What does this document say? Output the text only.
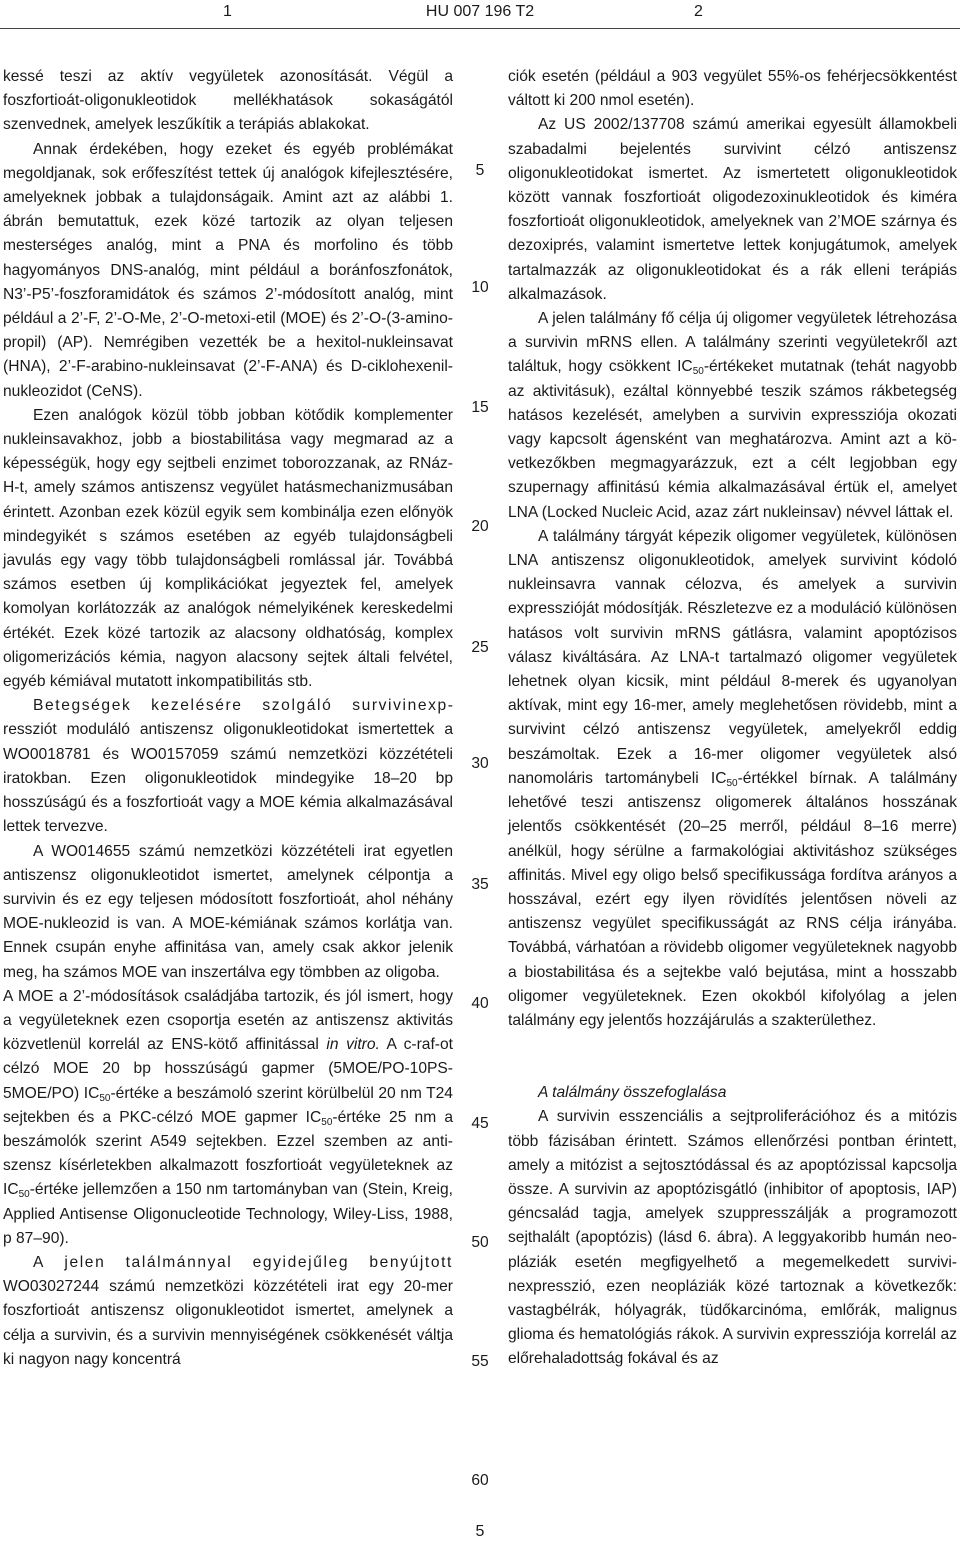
1	HU 007 196 T2	2

kessé teszi az aktív vegyületek azonosítását. Végül a foszfortioát-oligonukleotidok mellékhatások sokaságától szenvednek, amelyek leszűkítik a terápiás ablakokat.

Annak érdekében, hogy ezeket és egyéb problémákat megoldjanak, sok erőfeszítést tettek új analógok kifejlesztésére, amelyeknek jobbak a tulajdonságaik. Amint azt az alábbi 1. ábrán bemutattuk, ezek közé tartozik az olyan teljesen mesterséges analóg, mint a PNA és morfolino és több hagyományos DNS-analóg, mint például a boránfoszfonátok, N3’-P5’-foszforamidátok és számos 2’-módosított analóg, mint például a 2’-F, 2’-O-Me, 2’-O-metoxi-etil (MOE) és 2’-O-(3-amino-propil) (AP). Nemrégiben vezették be a hexitol-nukleinsavat (HNA), 2’-F-arabino-nukleinsavat (2’-F-ANA) és D-ciklohexenil-nukleozidot (CeNS).

Ezen analógok közül több jobban kötődik komplementer nukleinsavakhoz, jobb a biostabilitása vagy megmarad az a képességük, hogy egy sejtbeli enzimet toborozzanak, az RNáz-H-t, amely számos antiszensz vegyület hatásmechanizmusában érintett. Azonban ezek közül egyik sem kombinálja ezen előnyök mindegyikét s számos esetében az egyéb tulajdonságbeli javulás egy vagy több tulajdonságbeli romlással jár. Továbbá számos esetben új komplikációkat jegyeztek fel, amelyek komolyan korlátozzák az analógok némelyikének kereskedelmi értékét. Ezek közé tartozik az alacsony oldhatóság, komplex oligomerizációs kémia, nagyon alacsony sejtek általi felvétel, egyéb kémiával mutatott inkompatibilitás stb.

Betegségek kezelésére szolgáló survivinexpressziót moduláló antiszensz oligonukleotidokat ismertettek a WO0018781 és WO0157059 számú nemzetközi közzétételi iratokban. Ezen oligonukleotidok mindegyike 18–20 bp hosszúságú és a foszfortioát vagy a MOE kémia alkalmazásával lettek tervezve.

A WO014655 számú nemzetközi közzétételi irat egyetlen antiszensz oligonukleotidot ismertet, amelynek célpontja a survivin és ez egy teljesen módosított foszfortioát, ahol néhány MOE-nukleozid is van. A MOE-kémiának számos korlátja van. Ennek csupán enyhe affinitása van, amely csak akkor jelenik meg, ha számos MOE van inszertálva egy tömbben az oligoba.

A MOE a 2’-módosítások családjába tartozik, és jól ismert, hogy a vegyületeknek ezen csoportja esetén az antiszensz aktivitás közvetlenül korrelál az ENS-kötő affinitással in vitro. A c-raf-ot célzó MOE 20 bp hosszúságú gapmer (5MOE/PO-10PS-5MOE/PO) $IC_{50}$-értéke a beszámoló szerint körülbelül 20 nm T24 sejtekben és a PKC-célzó MOE gapmer $IC_{50}$-értéke 25 nm a beszámolók szerint A549 sejtekben. Ezzel szemben az antiszensz kísérletekben alkalmazott foszfortioát vegyületeknek az $IC_{50}$-értéke jellemzően a 150 nm tartományban van (Stein, Kreig, Applied Antisense Oligonucleotide Technology, Wiley-Liss, 1988, p 87–90).

A jelen találmánnyal egyidejűleg benyújtott WO03027244 számú nemzetközi közzétételi irat egy 20-mer foszfortioát antiszensz oligonukleotidot ismertet, amelynek a célja a survivin, és a survivin mennyiségének csökkenését váltja ki nagyon nagy koncentrá

5
10
15
20
25
30
35
40
45
50
55
60

ciók esetén (például a 903 vegyület 55%-os fehérjecsökkentést váltott ki 200 nmol esetén).

Az US 2002/137708 számú amerikai egyesült államokbeli szabadalmi bejelentés survivint célzó antiszensz oligonukleotidokat ismertet. Az ismertetett oligonukleotidok között vannak foszfortioát oligodezoxinukleotidok és kiméra foszfortioát oligonukleotidok, amelyeknek van 2’MOE szárnya és dezoxiprés, valamint ismertetve lettek konjugátumok, amelyek tartalmazzák az oligonukleotidokat és a rák elleni terápiás alkalmazások.

A jelen találmány fő célja új oligomer vegyületek létrehozása a survivin mRNS ellen. A találmány szerinti vegyületekről azt találtuk, hogy csökkent $IC_{50}$-értékeket mutatnak (tehát nagyobb az aktivitásuk), ezáltal könnyebbé teszik számos rákbetegség hatásos kezelését, amelyben a survivin expressziója okozati vagy kapcsolt ágensként van meghatározva. Amint azt a következőkben megmagyarázzuk, ezt a célt legjobban egy szupernagy affinitású kémia alkalmazásával értük el, amelyet LNA (Locked Nucleic Acid, azaz zárt nukleinsav) névvel láttak el.

A találmány tárgyát képezik oligomer vegyületek, különösen LNA antiszensz oligonukleotidok, amelyek survivint kódoló nukleinsavra vannak célozva, és amelyek a survivin expresszióját módosítják. Részletezve ez a moduláció különösen hatásos volt survivin mRNS gátlásra, valamint apoptózisos válasz kiváltására. Az LNA-t tartalmazó oligomer vegyületek lehetnek olyan kicsik, mint például 8-merek és ugyanolyan aktívak, mint egy 16-mer, amely meglehetősen rövidebb, mint a survivint célzó antiszensz vegyületek, amelyekről eddig beszámoltak. Ezek a 16-mer oligomer vegyületek alsó nanomoláris tartománybeli $IC_{50}$-értékkel bírnak. A találmány lehetővé teszi antiszensz oligomerek általános hosszának jelentős csökkentését (20–25 merről, például 8–16 merre) anélkül, hogy sérülne a farmakológiai aktivitáshoz szükséges affinitás. Mivel egy oligo belső specifikussága fordítva arányos a hosszával, ezért egy ilyen rövidítés jelentősen növeli az antiszensz vegyület specifikusságát az RNS célja irányába. Továbbá, várhatóan a rövidebb oligomer vegyületeknek nagyobb a biostabilitása és a sejtekbe való bejutása, mint a hosszabb oligomer vegyületeknek. Ezen okokból kifolyólag a jelen találmány egy jelentős hozzájárulás a szakterülethez.

A találmány összefoglalása

A survivin esszenciális a sejtproliferációhoz és a mitózis több fázisában érintett. Számos ellenőrzési pontban érintett, amely a mitózist a sejtosztódással és az apoptózissal kapcsolja össze. A survivin az apoptózisgátló (inhibitor of apoptosis, IAP) géncsalád tagja, amelyek szuppresszálják a programozott sejthalált (apoptózis) (lásd 6. ábra). A leggyakoribb humán neopláziák esetén megfigyelhető a megemelkedett survivinexpresszió, ezen neopláziák közé tartoznak a következők: vastagbélrák, hólyagrák, tüdőkarcinóma, emlőrák, malignus glioma és hematológiás rákok. A survivin expressziója korrelál az előrehaladottság fokával és az

5
